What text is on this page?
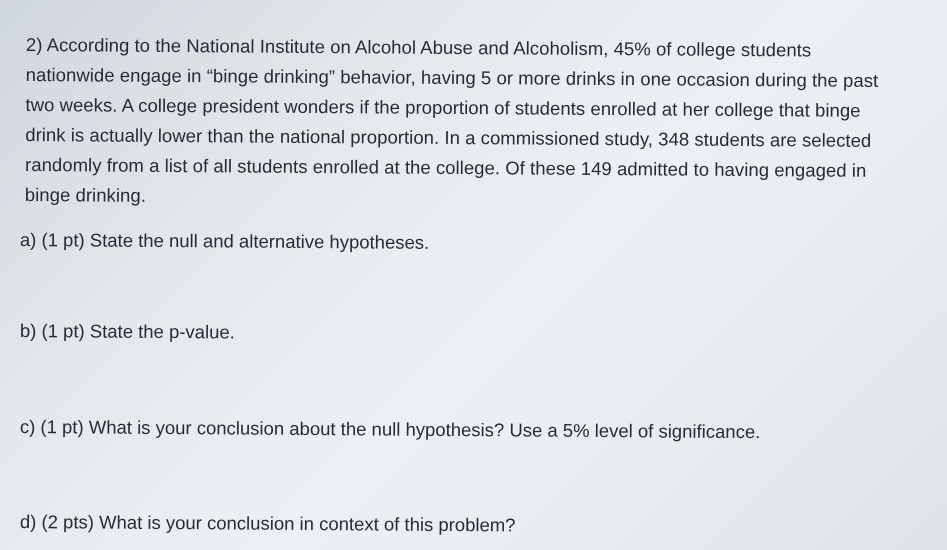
2) According to the National Institute on Alcohol Abuse and Alcoholism, 45% of college students
nationwide engage in “binge drinking” behavior, having 5 or more drinks in one occasion during the past
two weeks. A college president wonders if the proportion of students enrolled at her college that binge
drink is actually lower than the national proportion. In a commissioned study, 348 students are selected
randomly from a list of all students enrolled at the college. Of these 149 admitted to having engaged in
binge drinking.
a) (1 pt) State the null and alternative hypotheses.
b) (1 pt) State the p-value.
c) (1 pt) What is your conclusion about the null hypothesis? Use a 5% level of significance.
d) (2 pts) What is your conclusion in context of this problem?
